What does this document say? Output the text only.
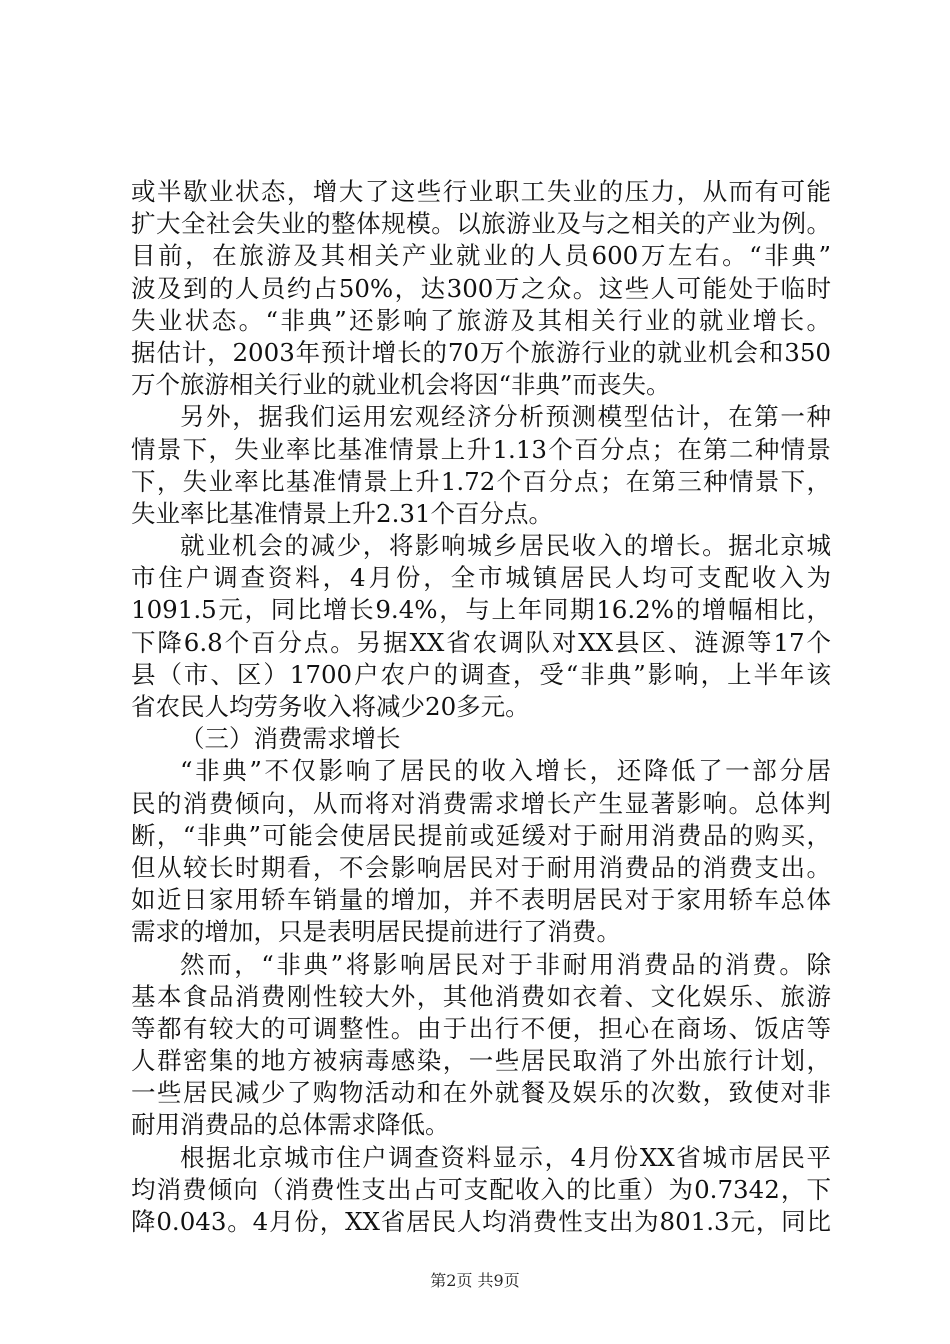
或半歇业状态，增大了这些行业职工失业的压力，从而有可能
扩大全社会失业的整体规模。以旅游业及与之相关的产业为例。
目前，在旅游及其相关产业就业的人员600万左右。“非典”
波及到的人员约占50%，达300万之众。这些人可能处于临时
失业状态。“非典”还影响了旅游及其相关行业的就业增长。
据估计，2003年预计增长的70万个旅游行业的就业机会和350
万个旅游相关行业的就业机会将因“非典”而丧失。
另外，据我们运用宏观经济分析预测模型估计，在第一种
情景下，失业率比基准情景上升1.13个百分点；在第二种情景
下，失业率比基准情景上升1.72个百分点；在第三种情景下，
失业率比基准情景上升2.31个百分点。
就业机会的减少，将影响城乡居民收入的增长。据北京城
市住户调查资料，4月份，全市城镇居民人均可支配收入为
1091.5元，同比增长9.4%，与上年同期16.2%的增幅相比，
下降6.8个百分点。另据XX省农调队对XX县区、涟源等17个
县（市、区）1700户农户的调查，受“非典”影响，上半年该
省农民人均劳务收入将减少20多元。
（三）消费需求增长
“非典”不仅影响了居民的收入增长，还降低了一部分居
民的消费倾向，从而将对消费需求增长产生显著影响。总体判
断，“非典”可能会使居民提前或延缓对于耐用消费品的购买，
但从较长时期看，不会影响居民对于耐用消费品的消费支出。
如近日家用轿车销量的增加，并不表明居民对于家用轿车总体
需求的增加，只是表明居民提前进行了消费。
然而，“非典”将影响居民对于非耐用消费品的消费。除
基本食品消费刚性较大外，其他消费如衣着、文化娱乐、旅游
等都有较大的可调整性。由于出行不便，担心在商场、饭店等
人群密集的地方被病毒感染，一些居民取消了外出旅行计划，
一些居民减少了购物活动和在外就餐及娱乐的次数，致使对非
耐用消费品的总体需求降低。
根据北京城市住户调查资料显示，4月份XX省城市居民平
均消费倾向（消费性支出占可支配收入的比重）为0.7342，下
降0.043。4月份，XX省居民人均消费性支出为801.3元，同比
第2页 共9页
